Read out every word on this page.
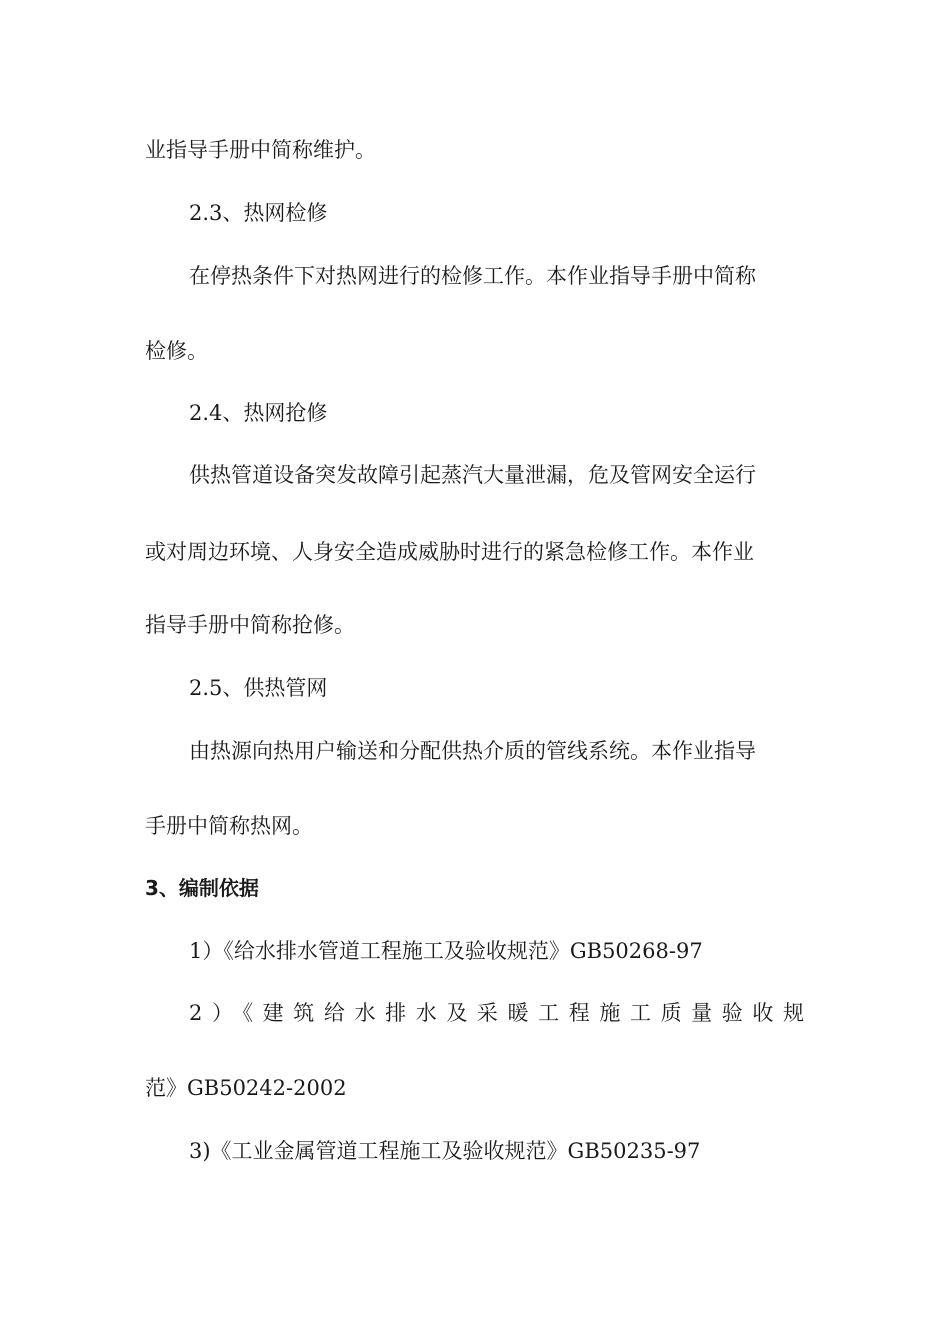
业指导手册中简称维护。
2.3、热网检修
在停热条件下对热网进行的检修工作。本作业指导手册中简称
检修。
2.4、热网抢修
供热管道设备突发故障引起蒸汽大量泄漏，危及管网安全运行
或对周边环境、人身安全造成威胁时进行的紧急检修工作。本作业
指导手册中简称抢修。
2.5、供热管网
由热源向热用户输送和分配供热介质的管线系统。本作业指导
手册中简称热网。
3、编制依据
1）《给水排水管道工程施工及验收规范》GB50268-97
2）《建筑给水排水及采暖工程施工质量验收规
范》GB50242-2002
3)《工业金属管道工程施工及验收规范》GB50235-97
